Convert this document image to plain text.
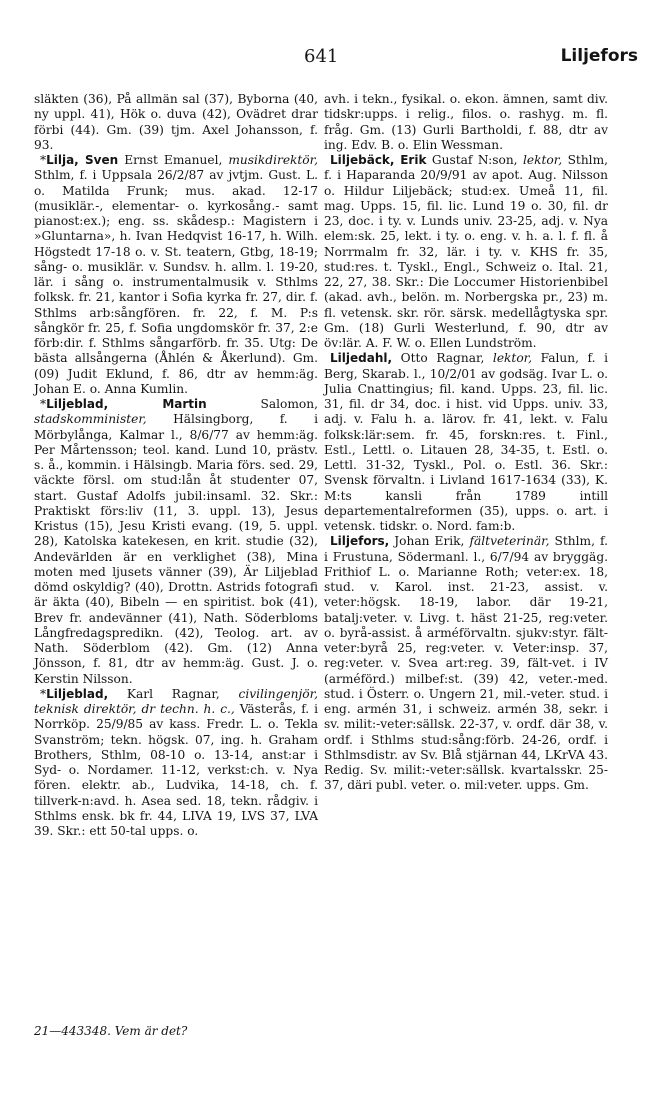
641	Liljefors

släkten (36), På allmän sal (37), Byborna (40, ny uppl. 41), Hök o. duva (42), Ovädret drar förbi (44). Gm. (39) tjm. Axel Johansson, f. 93.

*Lilja, Sven Ernst Emanuel, musikdirektör, Sthlm, f. i Uppsala 26/2/87 av jvtjm. Gust. L. o. Matilda Frunk; mus. akad. 12-17 (musiklär.-, elementar- o. kyrkosång.- samt pianost:ex.); eng. ss. skådesp.: Magistern i »Gluntarna», h. Ivan Hedqvist 16-17, h. Wilh. Högstedt 17-18 o. v. St. teatern, Gtbg, 18-19; sång- o. musiklär. v. Sundsv. h. allm. l. 19-20, lär. i sång o. instrumentalmusik v. Sthlms folksk. fr. 21, kantor i Sofia kyrka fr. 27, dir. f. Sthlms arb:sångfören. fr. 22, f. M. P:s sångkör fr. 25, f. Sofia ungdomskör fr. 37, 2:e förb:dir. f. Sthlms sångarförb. fr. 35. Utg: De bästa allsångerna (Åhlén & Åkerlund). Gm. (09) Judit Eklund, f. 86, dtr av hemm:äg. Johan E. o. Anna Kumlin.

*Liljeblad, Martin Salomon, stadskomminister, Hälsingborg, f. i Mörbylånga, Kalmar l., 8/6/77 av hemm:äg. Per Mårtensson; teol. kand. Lund 10, prästv. s. å., kommin. i Hälsingb. Maria förs. sed. 29, väckte försl. om stud:lån åt studenter 07, start. Gustaf Adolfs jubil:insaml. 32. Skr.: Praktiskt förs:liv (11, 3. uppl. 13), Jesus Kristus (15), Jesu Kristi evang. (19, 5. uppl. 28), Katolska katekesen, en krit. studie (32), Andevärlden är en verklighet (38), Mina moten med ljusets vänner (39), Är Liljeblad dömd oskyldig? (40), Drottn. Astrids fotografi är äkta (40), Bibeln — en spiritist. bok (41), Brev fr. andevänner (41), Nath. Söderbloms Långfredagspredikn. (42), Teolog. art. av Nath. Söderblom (42). Gm. (12) Anna Jönsson, f. 81, dtr av hemm:äg. Gust. J. o. Kerstin Nilsson.

*Liljeblad, Karl Ragnar, civilingenjör, teknisk direktör, dr techn. h. c., Västerås, f. i Norrköp. 25/9/85 av kass. Fredr. L. o. Tekla Svanström; tekn. högsk. 07, ing. h. Graham Brothers, Sthlm, 08-10 o. 13-14, anst:ar i Syd- o. Nordamer. 11-12, verkst:ch. v. Nya fören. elektr. ab., Ludvika, 14-18, ch. f. tillverk-n:avd. h. Asea sed. 18, tekn. rådgiv. i Sthlms ensk. bk fr. 44, LIVA 19, LVS 37, LVA 39. Skr.: ett 50-tal upps. o.

avh. i tekn., fysikal. o. ekon. ämnen, samt div. tidskr:upps. i relig., filos. o. rashyg. m. fl. fråg. Gm. (13) Gurli Bartholdi, f. 88, dtr av ing. Edv. B. o. Elin Wessman.

Liljebäck, Erik Gustaf N:son, lektor, Sthlm, f. i Haparanda 20/9/91 av apot. Aug. Nilsson o. Hildur Liljebäck; stud:ex. Umeå 11, fil. mag. Upps. 15, fil. lic. Lund 19 o. 30, fil. dr 23, doc. i ty. v. Lunds univ. 23-25, adj. v. Nya elem:sk. 25, lekt. i ty. o. eng. v. h. a. l. f. fl. å Norrmalm fr. 32, lär. i ty. v. KHS fr. 35, stud:res. t. Tyskl., Engl., Schweiz o. Ital. 21, 22, 27, 38. Skr.: Die Loccumer Historienbibel (akad. avh., belön. m. Norbergska pr., 23) m. fl. vetensk. skr. rör. särsk. medellågtyska spr. Gm. (18) Gurli Westerlund, f. 90, dtr av öv:lär. A. F. W. o. Ellen Lundström.

Liljedahl, Otto Ragnar, lektor, Falun, f. i Berg, Skarab. l., 10/2/01 av godsäg. Ivar L. o. Julia Cnattingius; fil. kand. Upps. 23, fil. lic. 31, fil. dr 34, doc. i hist. vid Upps. univ. 33, adj. v. Falu h. a. lärov. fr. 41, lekt. v. Falu folksk:lär:sem. fr. 45, forskn:res. t. Finl., Estl., Lettl. o. Litauen 28, 34-35, t. Estl. o. Lettl. 31-32, Tyskl., Pol. o. Estl. 36. Skr.: Svensk förvaltn. i Livland 1617-1634 (33), K. M:ts kansli från 1789 intill departementalreformen (35), upps. o. art. i vetensk. tidskr. o. Nord. fam:b.

Liljefors, Johan Erik, fältveterinär, Sthlm, f. i Frustuna, Södermanl. l., 6/7/94 av bryggäg. Frithiof L. o. Marianne Roth; veter:ex. 18, stud. v. Karol. inst. 21-23, assist. v. veter:högsk. 18-19, labor. där 19-21, batalj:veter. v. Livg. t. häst 21-25, reg:veter. o. byrå-assist. å arméförvaltn. sjukv:styr. fält-veter:byrå 25, reg:veter. v. Veter:insp. 37, reg:veter. v. Svea art:reg. 39, fält-vet. i IV (arméförd.) milbef:st. (39) 42, veter.-med. stud. i Österr. o. Ungern 21, mil.-veter. stud. i eng. armén 31, i schweiz. armén 38, sekr. i sv. milit:-veter:sällsk. 22-37, v. ordf. där 38, v. ordf. i Sthlms stud:sång:förb. 24-26, ordf. i Sthlmsdistr. av Sv. Blå stjärnan 44, LKrVA 43. Redig. Sv. milit:-veter:sällsk. kvartalsskr. 25-37, däri publ. veter. o. mil:veter. upps. Gm.

21—443348. Vem är det?
